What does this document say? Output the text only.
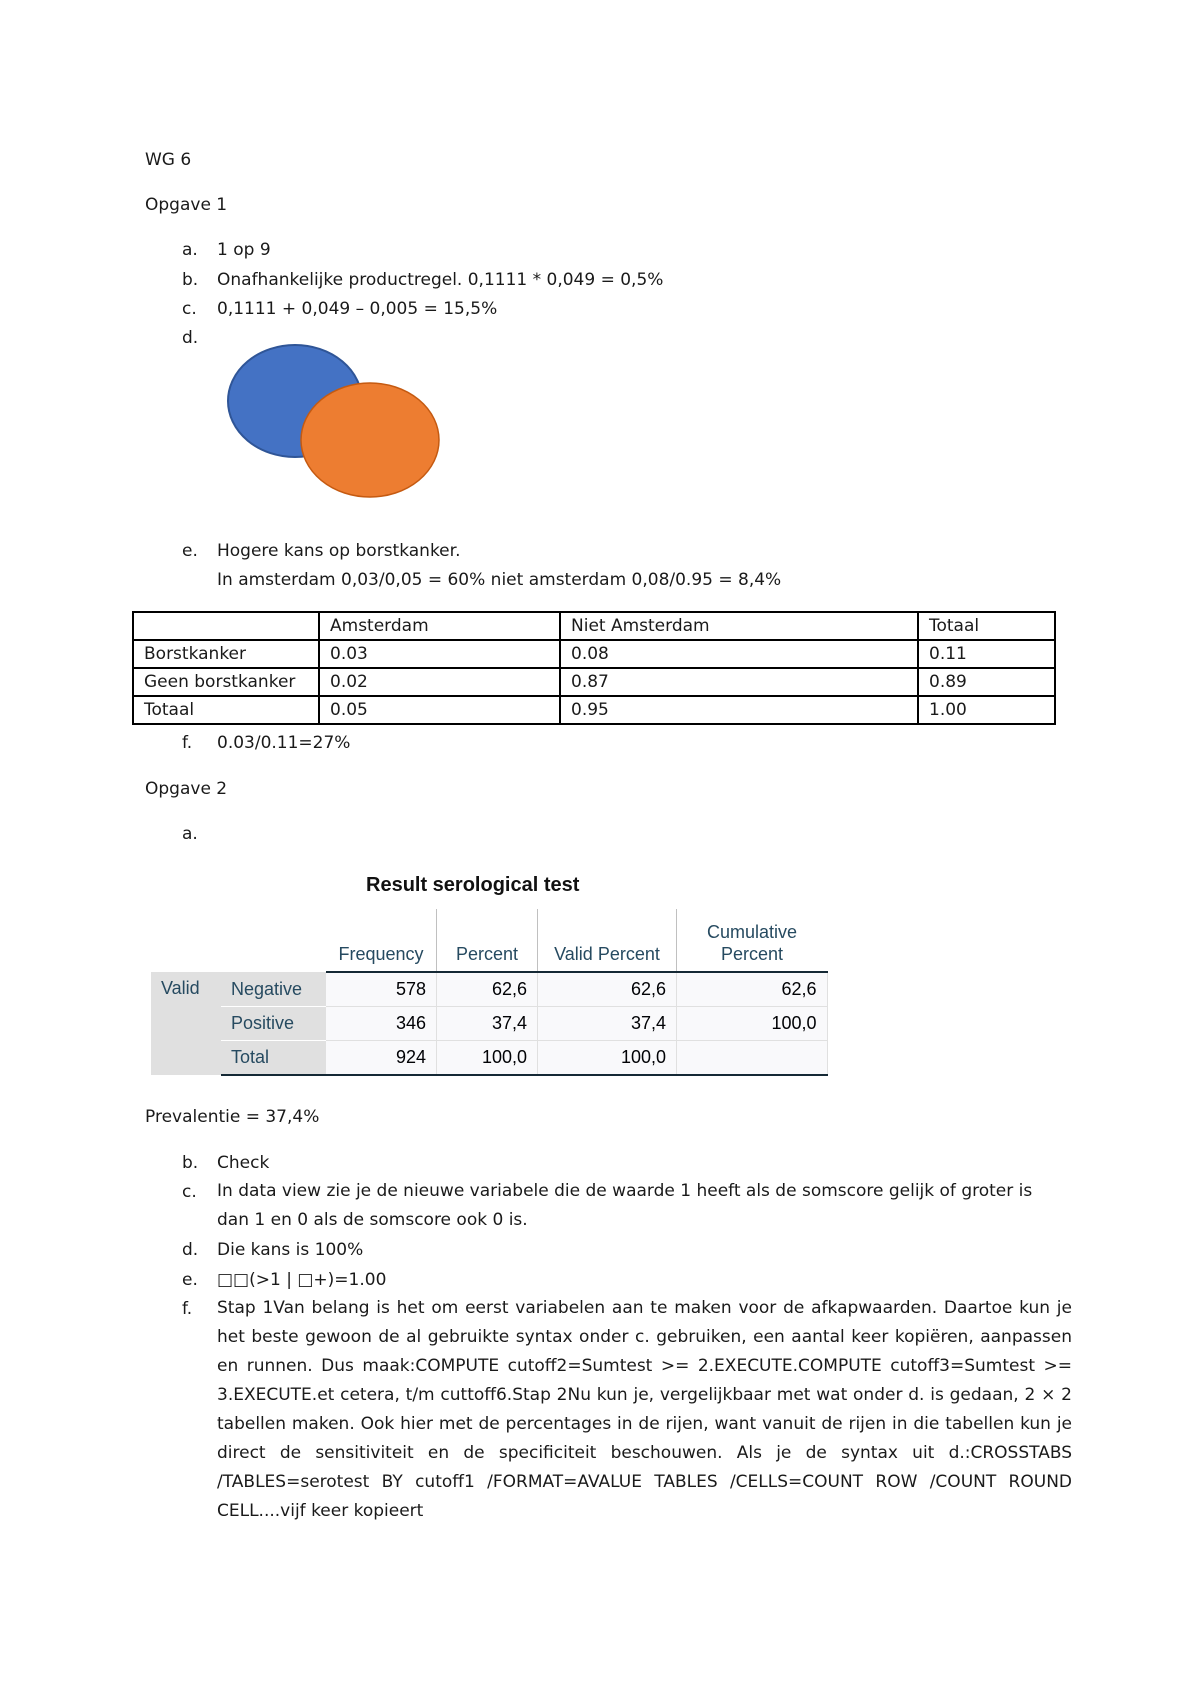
WG 6
Opgave 1
a. 1 op 9
b. Onafhankelijke productregel. 0,1111 * 0,049 = 0,5%
c. 0,1111 + 0,049 – 0,005 = 15,5%
d.
e. Hogere kans op borstkanker.
In amsterdam 0,03/0,05 = 60% niet amsterdam 0,08/0.95 = 8,4%
	Amsterdam	Niet Amsterdam	Totaal
Borstkanker	0.03	0.08	0.11
Geen borstkanker	0.02	0.87	0.89
Totaal	0.05	0.95	1.00
f. 0.03/0.11=27%
Opgave 2
a.
Result serological test
		Frequency	Percent	Valid Percent	Cumulative Percent
Valid	Negative	578	62,6	62,6	62,6
	Positive	346	37,4	37,4	100,0
	Total	924	100,0	100,0	
Prevalentie = 37,4%
b. Check
c. In data view zie je de nieuwe variabele die de waarde 1 heeft als de somscore gelijk of groter is dan 1 en 0 als de somscore ook 0 is.
d. Die kans is 100%
e. □□(>1 | □+)=1.00
f. Stap 1Van belang is het om eerst variabelen aan te maken voor de afkapwaarden. Daartoe kun je het beste gewoon de al gebruikte syntax onder c. gebruiken, een aantal keer kopiëren, aanpassen en runnen. Dus maak:COMPUTE cutoff2=Sumtest >= 2.EXECUTE.COMPUTE cutoff3=Sumtest >= 3.EXECUTE.et cetera, t/m cuttoff6.Stap 2Nu kun je, vergelijkbaar met wat onder d. is gedaan, 2 × 2 tabellen maken. Ook hier met de percentages in de rijen, want vanuit de rijen in die tabellen kun je direct de sensitiviteit en de specificiteit beschouwen. Als je de syntax uit d.:CROSSTABS /TABLES=serotest BY cutoff1 /FORMAT=AVALUE TABLES /CELLS=COUNT ROW /COUNT ROUND CELL....vijf keer kopieert
